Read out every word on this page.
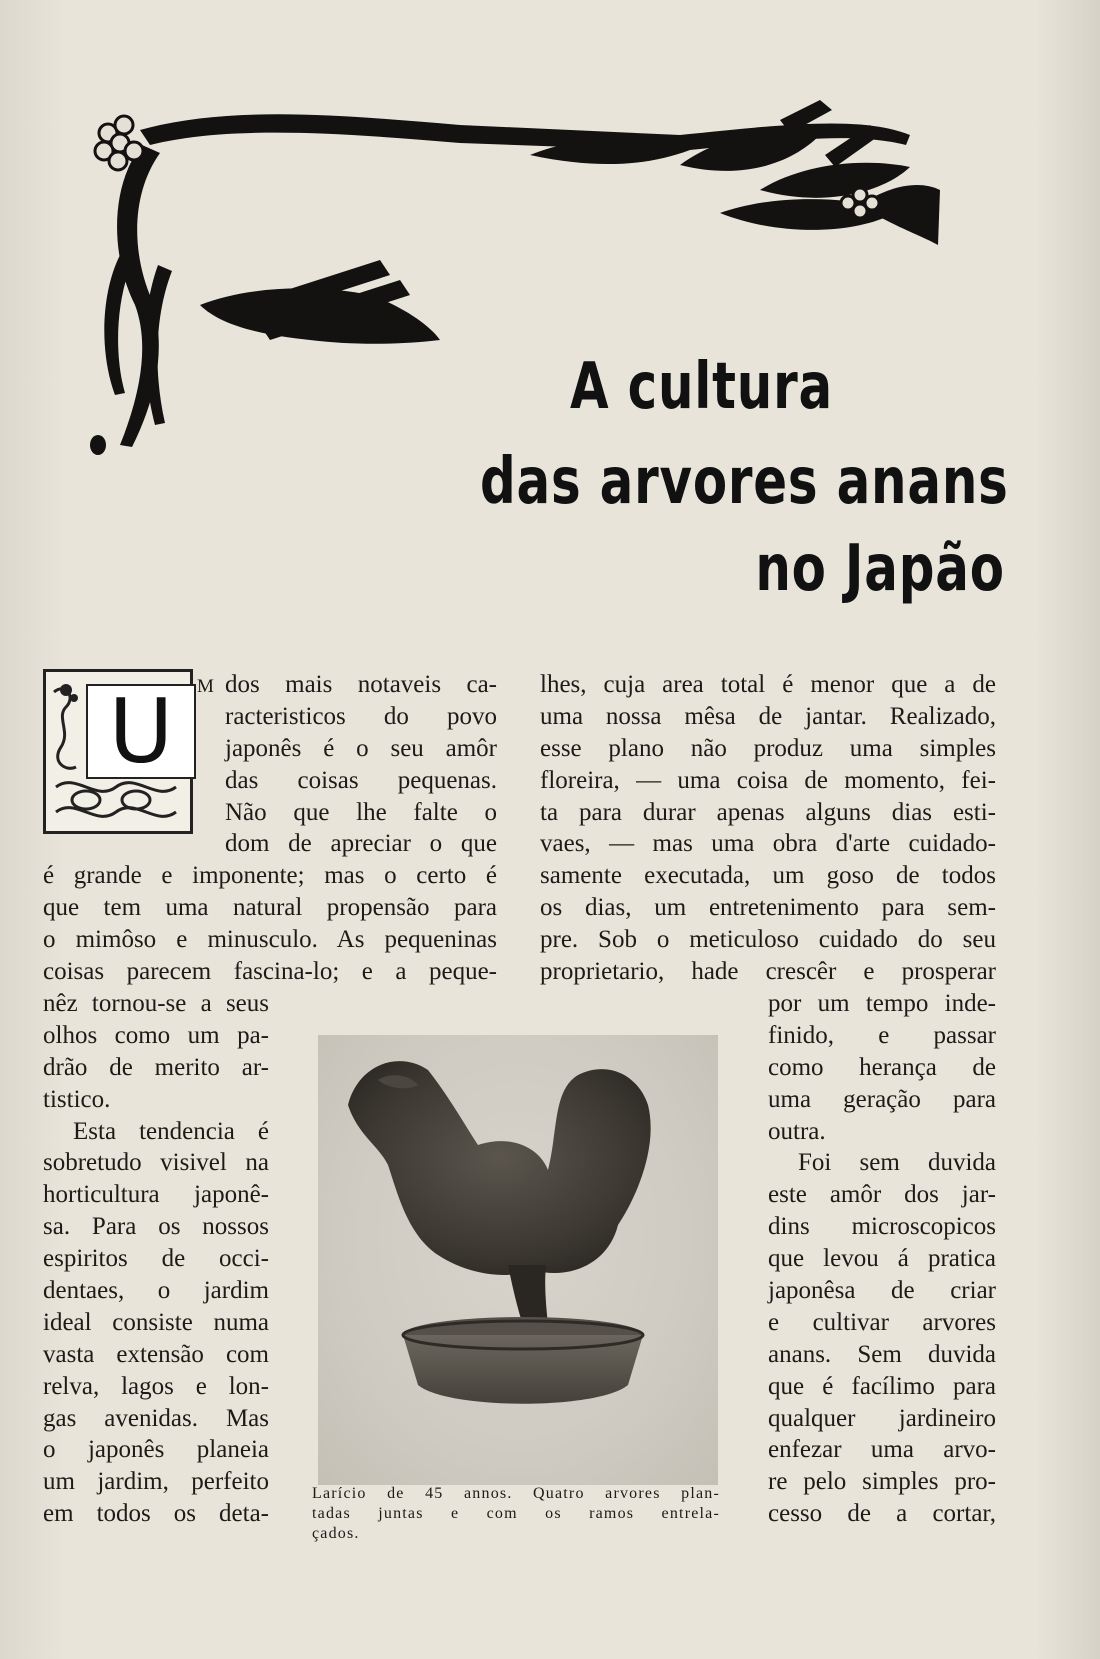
A cultura
das arvores anans
no Japão
U	M dos mais notaveis ca-
racteristicos do povo
japonês é o seu amôr
das coisas pequenas.
Não que lhe falte o
dom de apreciar o que
é grande e imponente; mas o certo é
que tem uma natural propensão para
o mimôso e minusculo. As pequeninas
coisas parecem fascina-lo; e a peque-
nêz tornou-se a seus
olhos como um pa-
drão de merito ar-
tistico.
Esta tendencia é
sobretudo visivel na
horticultura japonê-
sa. Para os nossos
espiritos de occi-
dentaes, o jardim
ideal consiste numa
vasta extensão com
relva, lagos e lon-
gas avenidas. Mas
o japonês planeia
um jardim, perfeito
em todos os deta-
lhes, cuja area total é menor que a de
uma nossa mêsa de jantar. Realizado,
esse plano não produz uma simples
floreira, — uma coisa de momento, fei-
ta para durar apenas alguns dias esti-
vaes, — mas uma obra d'arte cuidado-
samente executada, um goso de todos
os dias, um entretenimento para sem-
pre. Sob o meticuloso cuidado do seu
proprietario, hade crescêr e prosperar
por um tempo inde-
finido, e passar
como herança de
uma geração para
outra.
Foi sem duvida
este amôr dos jar-
dins microscopicos
que levou á pratica
japonêsa de criar
e cultivar arvores
anans. Sem duvida
que é facílimo para
qualquer jardineiro
enfezar uma arvo-
re pelo simples pro-
cesso de a cortar,
Larício de 45 annos. Quatro arvores plan-
tadas juntas e com os ramos entrela-
çados.
